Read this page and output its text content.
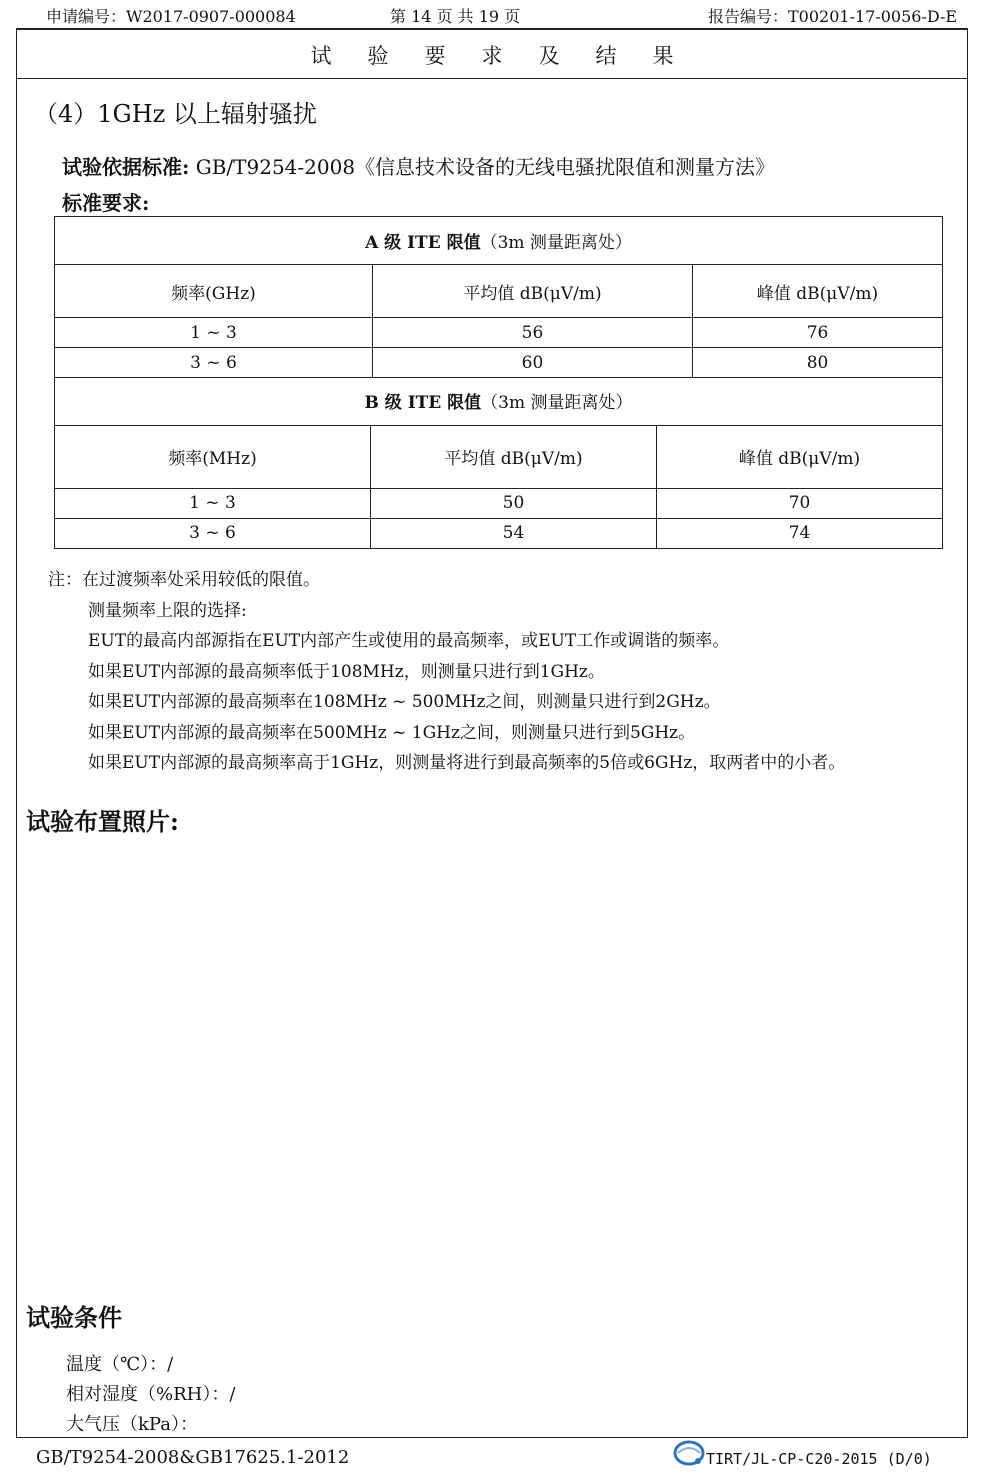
申请编号：W2017-0907-000084	第 14 页 共 19 页	报告编号：T00201-17-0056-D-E
试验要求及结果
（4）1GHz 以上辐射骚扰
试验依据标准: GB/T9254-2008《信息技术设备的无线电骚扰限值和测量方法》
标准要求:
A 级 ITE 限值（3m 测量距离处）		
频率(GHz)	平均值 dB(μV/m)	峰值 dB(μV/m)
1 ~ 3	56	76
3 ~ 6	60	80
B 级 ITE 限值（3m 测量距离处）		
频率(MHz)	平均值 dB(μV/m)	峰值 dB(μV/m)
1 ~ 3	50	70
3 ~ 6	54	74
注：在过渡频率处采用较低的限值。
测量频率上限的选择:
EUT的最高内部源指在EUT内部产生或使用的最高频率，或EUT工作或调谐的频率。
如果EUT内部源的最高频率低于108MHz，则测量只进行到1GHz。
如果EUT内部源的最高频率在108MHz ~ 500MHz之间，则测量只进行到2GHz。
如果EUT内部源的最高频率在500MHz ~ 1GHz之间，则测量只进行到5GHz。
如果EUT内部源的最高频率高于1GHz，则测量将进行到最高频率的5倍或6GHz，取两者中的小者。
试验布置照片:
试验条件
温度（℃）：/
相对湿度（%RH）：/
大气压（kPa）：
GB/T9254-2008&GB17625.1-2012	TIRT/JL-CP-C20-2015 (D/0)
